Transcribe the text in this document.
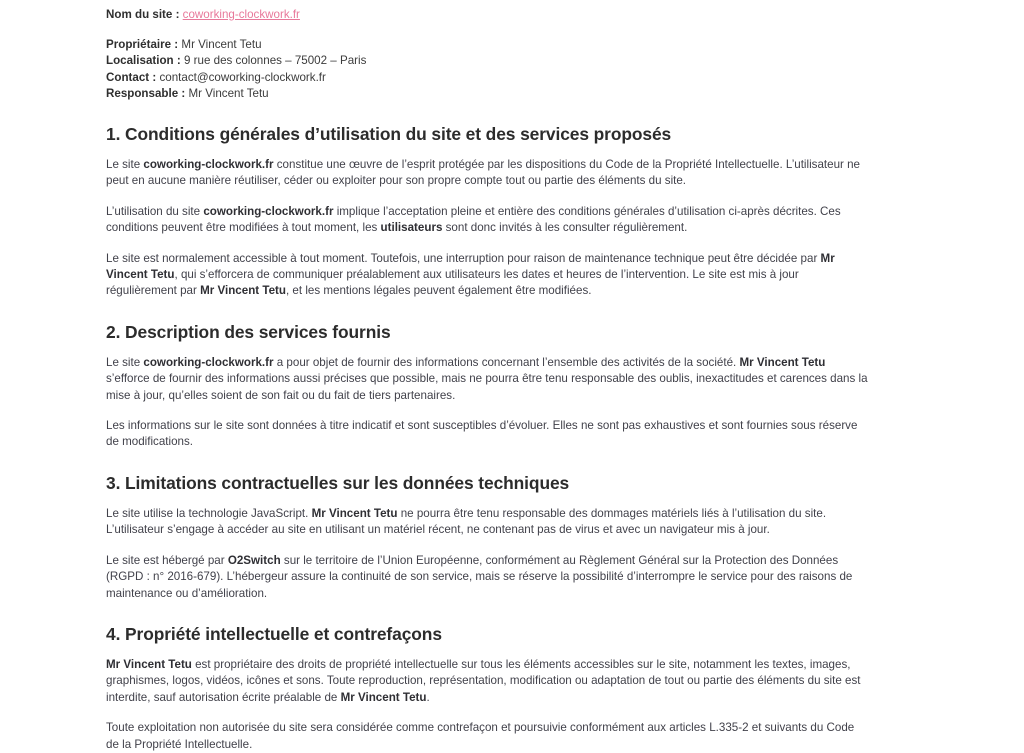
Nom du site : coworking-clockwork.fr
Propriétaire : Mr Vincent Tetu
Localisation : 9 rue des colonnes – 75002 – Paris
Contact : contact@coworking-clockwork.fr
Responsable : Mr Vincent Tetu
1. Conditions générales d’utilisation du site et des services proposés

Le site coworking-clockwork.fr constitue une œuvre de l’esprit protégée par les dispositions du Code de la Propriété Intellectuelle. L’utilisateur ne peut en aucune manière réutiliser, céder ou exploiter pour son propre compte tout ou partie des éléments du site.

L’utilisation du site coworking-clockwork.fr implique l’acceptation pleine et entière des conditions générales d’utilisation ci-après décrites. Ces conditions peuvent être modifiées à tout moment, les utilisateurs sont donc invités à les consulter régulièrement.

Le site est normalement accessible à tout moment. Toutefois, une interruption pour raison de maintenance technique peut être décidée par Mr Vincent Tetu, qui s’efforcera de communiquer préalablement aux utilisateurs les dates et heures de l’intervention. Le site est mis à jour régulièrement par Mr Vincent Tetu, et les mentions légales peuvent également être modifiées.

2. Description des services fournis

Le site coworking-clockwork.fr a pour objet de fournir des informations concernant l’ensemble des activités de la société. Mr Vincent Tetu s’efforce de fournir des informations aussi précises que possible, mais ne pourra être tenu responsable des oublis, inexactitudes et carences dans la mise à jour, qu’elles soient de son fait ou du fait de tiers partenaires.

Les informations sur le site sont données à titre indicatif et sont susceptibles d’évoluer. Elles ne sont pas exhaustives et sont fournies sous réserve de modifications.

3. Limitations contractuelles sur les données techniques

Le site utilise la technologie JavaScript. Mr Vincent Tetu ne pourra être tenu responsable des dommages matériels liés à l’utilisation du site. L’utilisateur s’engage à accéder au site en utilisant un matériel récent, ne contenant pas de virus et avec un navigateur mis à jour.

Le site est hébergé par O2Switch sur le territoire de l’Union Européenne, conformément au Règlement Général sur la Protection des Données (RGPD : n° 2016-679). L’hébergeur assure la continuité de son service, mais se réserve la possibilité d’interrompre le service pour des raisons de maintenance ou d’amélioration.

4. Propriété intellectuelle et contrefaçons

Mr Vincent Tetu est propriétaire des droits de propriété intellectuelle sur tous les éléments accessibles sur le site, notamment les textes, images, graphismes, logos, vidéos, icônes et sons. Toute reproduction, représentation, modification ou adaptation de tout ou partie des éléments du site est interdite, sauf autorisation écrite préalable de Mr Vincent Tetu.

Toute exploitation non autorisée du site sera considérée comme contrefaçon et poursuivie conformément aux articles L.335-2 et suivants du Code de la Propriété Intellectuelle.
